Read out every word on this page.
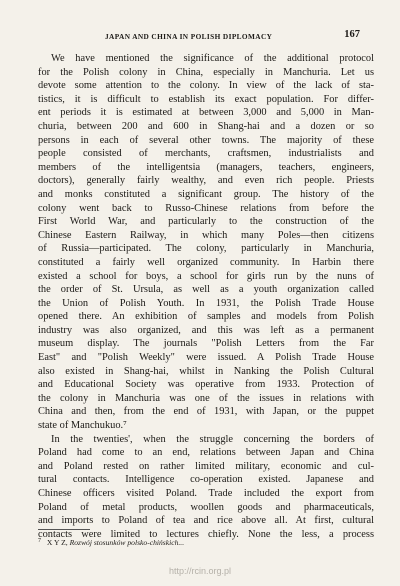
JAPAN AND CHINA IN POLISH DIPLOMACY	167
We have mentioned the significance of the additional protocol
for the Polish colony in China, especially in Manchuria. Let us
devote some attention to the colony. In view of the lack of sta-
tistics, it is difficult to establish its exact population. For differ-
ent periods it is estimated at between 3,000 and 5,000 in Man-
churia, between 200 and 600 in Shang-hai and a dozen or so
persons in each of several other towns. The majority of these
people consisted of merchants, craftsmen, industrialists and
members of the intelligentsia (managers, teachers, engineers,
doctors), generally fairly wealthy, and even rich people. Priests
and monks constituted a significant group. The history of the
colony went back to Russo-Chinese relations from before the
First World War, and particularly to the construction of the
Chinese Eastern Railway, in which many Poles—then citizens
of Russia—participated. The colony, particularly in Manchuria,
constituted a fairly well organized community. In Harbin there
existed a school for boys, a school for girls run by the nuns of
the order of St. Ursula, as well as a youth organization called
the Union of Polish Youth. In 1931, the Polish Trade House
opened there. An exhibition of samples and models from Polish
industry was also organized, and this was left as a permanent
museum display. The journals "Polish Letters from the Far
East" and "Polish Weekly" were issued. A Polish Trade House
also existed in Shang-hai, whilst in Nanking the Polish Cultural
and Educational Society was operative from 1933. Protection of
the colony in Manchuria was one of the issues in relations with
China and then, from the end of 1931, with Japan, or the puppet
state of Manchukuo.⁷
In the twenties', when the struggle concerning the borders of
Poland had come to an end, relations between Japan and China
and Poland rested on rather limited military, economic and cul-
tural contacts. Intelligence co-operation existed. Japanese and
Chinese officers visited Poland. Trade included the export from
Poland of metal products, woollen goods and pharmaceuticals,
and imports to Poland of tea and rice above all. At first, cultural
contacts were limited to lectures chiefly. None the less, a process
$^7$ X Y Z, Rozwój stosunków polsko-chińskich...
http://rcin.org.pl
